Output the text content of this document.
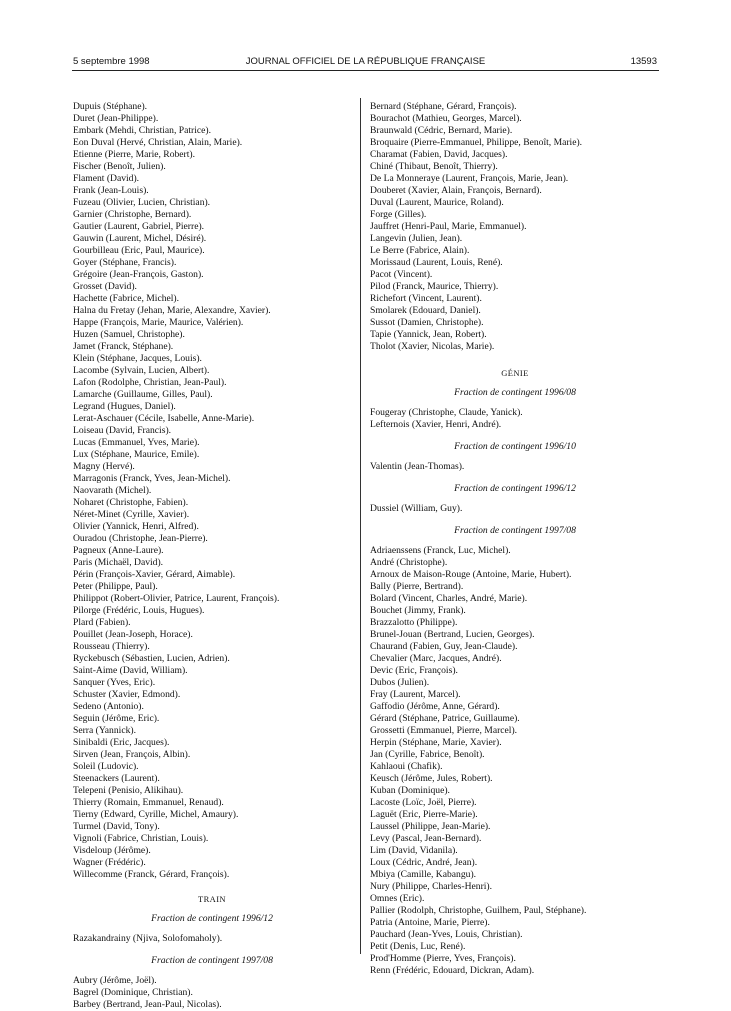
5 septembre 1998	JOURNAL OFFICIEL DE LA RÉPUBLIQUE FRANÇAISE	13593
Dupuis (Stéphane).
Duret (Jean-Philippe).
Embark (Mehdi, Christian, Patrice).
Eon Duval (Hervé, Christian, Alain, Marie).
Etienne (Pierre, Marie, Robert).
Fischer (Benoît, Julien).
Flament (David).
Frank (Jean-Louis).
Fuzeau (Olivier, Lucien, Christian).
Garnier (Christophe, Bernard).
Gautier (Laurent, Gabriel, Pierre).
Gauwin (Laurent, Michel, Désiré).
Gourbilleau (Eric, Paul, Maurice).
Goyer (Stéphane, Francis).
Grégoire (Jean-François, Gaston).
Grosset (David).
Hachette (Fabrice, Michel).
Halna du Fretay (Jehan, Marie, Alexandre, Xavier).
Happe (François, Marie, Maurice, Valérien).
Huzen (Samuel, Christophe).
Jamet (Franck, Stéphane).
Klein (Stéphane, Jacques, Louis).
Lacombe (Sylvain, Lucien, Albert).
Lafon (Rodolphe, Christian, Jean-Paul).
Lamarche (Guillaume, Gilles, Paul).
Legrand (Hugues, Daniel).
Lerat-Aschauer (Cécile, Isabelle, Anne-Marie).
Loiseau (David, Francis).
Lucas (Emmanuel, Yves, Marie).
Lux (Stéphane, Maurice, Emile).
Magny (Hervé).
Marragonis (Franck, Yves, Jean-Michel).
Naovarath (Michel).
Noharet (Christophe, Fabien).
Néret-Minet (Cyrille, Xavier).
Olivier (Yannick, Henri, Alfred).
Ouradou (Christophe, Jean-Pierre).
Pagneux (Anne-Laure).
Paris (Michaël, David).
Périn (François-Xavier, Gérard, Aimable).
Peter (Philippe, Paul).
Philippot (Robert-Olivier, Patrice, Laurent, François).
Pilorge (Frédéric, Louis, Hugues).
Plard (Fabien).
Pouillet (Jean-Joseph, Horace).
Rousseau (Thierry).
Ryckebusch (Sébastien, Lucien, Adrien).
Saint-Aime (David, William).
Sanquer (Yves, Eric).
Schuster (Xavier, Edmond).
Sedeno (Antonio).
Seguin (Jérôme, Eric).
Serra (Yannick).
Sinibaldi (Eric, Jacques).
Sirven (Jean, François, Albin).
Soleil (Ludovic).
Steenackers (Laurent).
Telepeni (Penisio, Alikihau).
Thierry (Romain, Emmanuel, Renaud).
Tierny (Edward, Cyrille, Michel, Amaury).
Turmel (David, Tony).
Vignoli (Fabrice, Christian, Louis).
Visdeloup (Jérôme).
Wagner (Frédéric).
Willecomme (Franck, Gérard, François).
TRAIN
Fraction de contingent 1996/12
Razakandrainy (Njiva, Solofomaholy).
Fraction de contingent 1997/08
Aubry (Jérôme, Joël).
Bagrel (Dominique, Christian).
Barbey (Bertrand, Jean-Paul, Nicolas).
Bernard (Stéphane, Gérard, François).
Bourachot (Mathieu, Georges, Marcel).
Braunwald (Cédric, Bernard, Marie).
Broquaire (Pierre-Emmanuel, Philippe, Benoît, Marie).
Charamat (Fabien, David, Jacques).
Chiné (Thibaut, Benoît, Thierry).
De La Monneraye (Laurent, François, Marie, Jean).
Douberet (Xavier, Alain, François, Bernard).
Duval (Laurent, Maurice, Roland).
Forge (Gilles).
Jauffret (Henri-Paul, Marie, Emmanuel).
Langevin (Julien, Jean).
Le Berre (Fabrice, Alain).
Morissaud (Laurent, Louis, René).
Pacot (Vincent).
Pilod (Franck, Maurice, Thierry).
Richefort (Vincent, Laurent).
Smolarek (Edouard, Daniel).
Sussot (Damien, Christophe).
Tapie (Yannick, Jean, Robert).
Tholot (Xavier, Nicolas, Marie).
GÉNIE
Fraction de contingent 1996/08
Fougeray (Christophe, Claude, Yanick).
Lefternois (Xavier, Henri, André).
Fraction de contingent 1996/10
Valentin (Jean-Thomas).
Fraction de contingent 1996/12
Dussiel (William, Guy).
Fraction de contingent 1997/08
Adriaenssens (Franck, Luc, Michel).
André (Christophe).
Arnoux de Maison-Rouge (Antoine, Marie, Hubert).
Bally (Pierre, Bertrand).
Bolard (Vincent, Charles, André, Marie).
Bouchet (Jimmy, Frank).
Brazzalotto (Philippe).
Brunel-Jouan (Bertrand, Lucien, Georges).
Chaurand (Fabien, Guy, Jean-Claude).
Chevalier (Marc, Jacques, André).
Devic (Eric, François).
Dubos (Julien).
Fray (Laurent, Marcel).
Gaffodio (Jérôme, Anne, Gérard).
Gérard (Stéphane, Patrice, Guillaume).
Grossetti (Emmanuel, Pierre, Marcel).
Herpin (Stéphane, Marie, Xavier).
Jan (Cyrille, Fabrice, Benoît).
Kahlaoui (Chafik).
Keusch (Jérôme, Jules, Robert).
Kuban (Dominique).
Lacoste (Loïc, Joël, Pierre).
Laguët (Eric, Pierre-Marie).
Laussel (Philippe, Jean-Marie).
Levy (Pascal, Jean-Bernard).
Lim (David, Vidanila).
Loux (Cédric, André, Jean).
Mbiya (Camille, Kabangu).
Nury (Philippe, Charles-Henri).
Omnes (Eric).
Pallier (Rodolph, Christophe, Guilhem, Paul, Stéphane).
Patria (Antoine, Marie, Pierre).
Pauchard (Jean-Yves, Louis, Christian).
Petit (Denis, Luc, René).
Prod'Homme (Pierre, Yves, François).
Renn (Frédéric, Edouard, Dickran, Adam).
